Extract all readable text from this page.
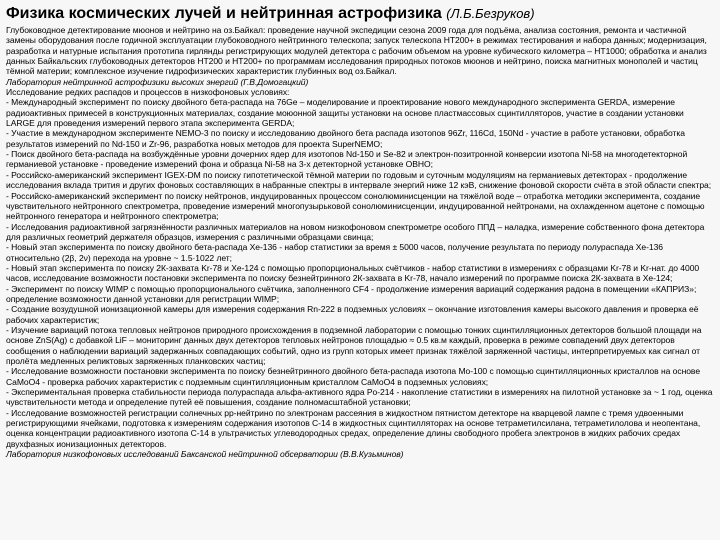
Физика космических лучей и нейтринная астрофизика (Л.Б.Безруков)

Глубоководное детектирование мюонов и нейтрино на оз.Байкал: проведение научной экспедиции сезона 2009 года для подъёма, анализа состояния, ремонта и частичной замены оборудования после годичной эксплуатации глубоководного нейтринного телескопа; запуск телескопа НТ200+ в режимах тестирования и набора данных; модернизация, разработка и натурные испытания прототипа гирлянды регистрирующих модулей детектора с рабочим объемом на уровне кубического километра – НТ1000; обработка и анализ данных Байкальских глубоководных детекторов НТ200 и НТ200+ по программам исследования природных потоков мюонов и нейтрино, поиска магнитных монополей и частиц тёмной материи; комплексное изучение гидрофизических характеристик глубинных вод оз.Байкал.

Лаборатория нейтринной астрофизики высоких энергий (Г.В.Домогацкий)

Исследование редких распадов и процессов в низкофоновых условиях:

- Международный эксперимент по поиску двойного бета-распада на 76Ge – моделирование и проектирование нового международного эксперимента GERDA, измерение радиоактивных примесей в конструкционных материалах, создание моюонной защиты установки на основе пластмассовых сцинтилляторов, участие в создании установки LARGE для проведения измерений первого этапа эксперимента GERDA;

- Участие в международном эксперименте NEMO-3 по поиску и исследованию двойного бета распада изотопов 96Zr, 116Cd, 150Nd - участие в работе установки, обработка результатов измерений по Nd-150 и Zr-96, разработка новых методов для проекта SuperNEMO;

- Поиск двойного бета-распада на возбуждённые уровни дочерних ядер для изотопов Nd-150 и Se-82 и электрон-позитронной конверсии изотопа Ni-58 на многодетекторной германиевой установке - проведение измерений фона и образца Ni-58 на 3-х детекторной установке ОВНО;

- Российско-американский эксперимент IGEX-DM по поиску гипотетической тёмной материи по годовым и суточным модуляциям на германиевых детекторах - продолжение исследования вклада трития и других фоновых составляющих в набранные спектры в интервале энергий ниже 12 кэВ, снижение фоновой скорости счёта в этой области спектра;

- Российско-американский эксперимент по поиску нейтронов, индуцированных процессом сонолюминисценции на тяжёлой воде – отработка методики эксперимента, создание чувствительного нейтронного спектрометра, проведение измерений многопузырьковой сонолюминисценции, индуцированной нейтронами, на охлажденном ацетоне с помощью нейтронного генератора и нейтронного спектрометра;

- Исследования радиоактивной загрязнённости различных материалов на новом низкофоновом спектрометре особого ППД – наладка, измерение собственного фона детектора для различных геометрий держателя образцов, измерения с различными образцами свинца;

- Новый этап эксперимента по поиску двойного бета-распада Хе-136 - набор статистики за время ± 5000 часов, получение результата по периоду полураспада Хе-136 относительно (2β, 2ν) перехода на уровне ~ 1.5·1022 лет;

- Новый этап эксперимента по поиску 2К-захвата Kr-78 и Хе-124 с помощью пропорциональных счётчиков - набор статистики в измерениях с образцами Kr-78 и Kr-нат. до 4000 часов, исследование возможности постановки эксперимента по поиску безнейтринного 2К-захвата в Kr-78, начало измерений по программе поиска 2К-захвата в Хе-124;

- Эксперимент по поиску WIMP с помощью пропорционального счётчика, заполненного CF4 - продолжение измерения вариаций содержания радона в помещении «КАПРИЗ»; определение возможности данной установки для регистрации WIMP;

- Создание возудушной ионизационной камеры для измерения содержания Rn-222 в подземных условиях – окончание изготовления камеры высокого давления и проверка её рабочих характеристик;

- Изучение вариаций потока тепловых нейтронов природного происхождения в подземной лаборатории с помощью тонких сцинтилляционных детекторов большой площади на основе ZnS(Ag) с добавкой LiF – мониторинг данных двух детекторов тепловых нейтронов площадью ≈ 0.5 кв.м каждый, проверка в режиме совпадений двух детекторов сообщения о наблюдении вариаций задержанных совпадающих событий, одно из групп которых имеет признак тяжёлой заряженной частицы, интерпретируемых как сигнал от пролёта медленных реликтовых заряженных планковских частиц;

- Исследование возможности постановки эксперимента по поиску безнейтринного двойного бета-распада изотопа Mo-100 с помощью сцинтилляционных кристаллов на основе CaMoO4 - проверка рабочих характеристик с подземным сцинтилляционным кристаллом CaMoO4 в подземных условиях;

- Экспериментальная проверка стабильности периода полураспада альфа-активного ядра Po-214 - накопление статистики в измерениях на пилотной установке за ~ 1 год, оценка чувствительности метода и определение путей её повышения, создание полномасштабной установки;

- Исследование возможностей регистрации солнечных pp-нейтрино по электронам рассеяния в жидкостном пятнистом детекторе на кварцевой лампе с тремя удвоенными регистрирующими ячейками, подготовка к измерениям содержания изотопов С-14 в жидкостных сцинтилляторах на основе тетраметилсилана, тетраметилолова и неопентана, оценка концентрации радиоактивного изотопа С-14 в ультрачистых углеводородных средах, определение длины свободного пробега электронов в жидких рабочих средах двухфазных ионизационных детекторов.

Лаборатория низкофоновых исследований Баксанской нейтринной обсерватории (В.В.Кузьминов)
